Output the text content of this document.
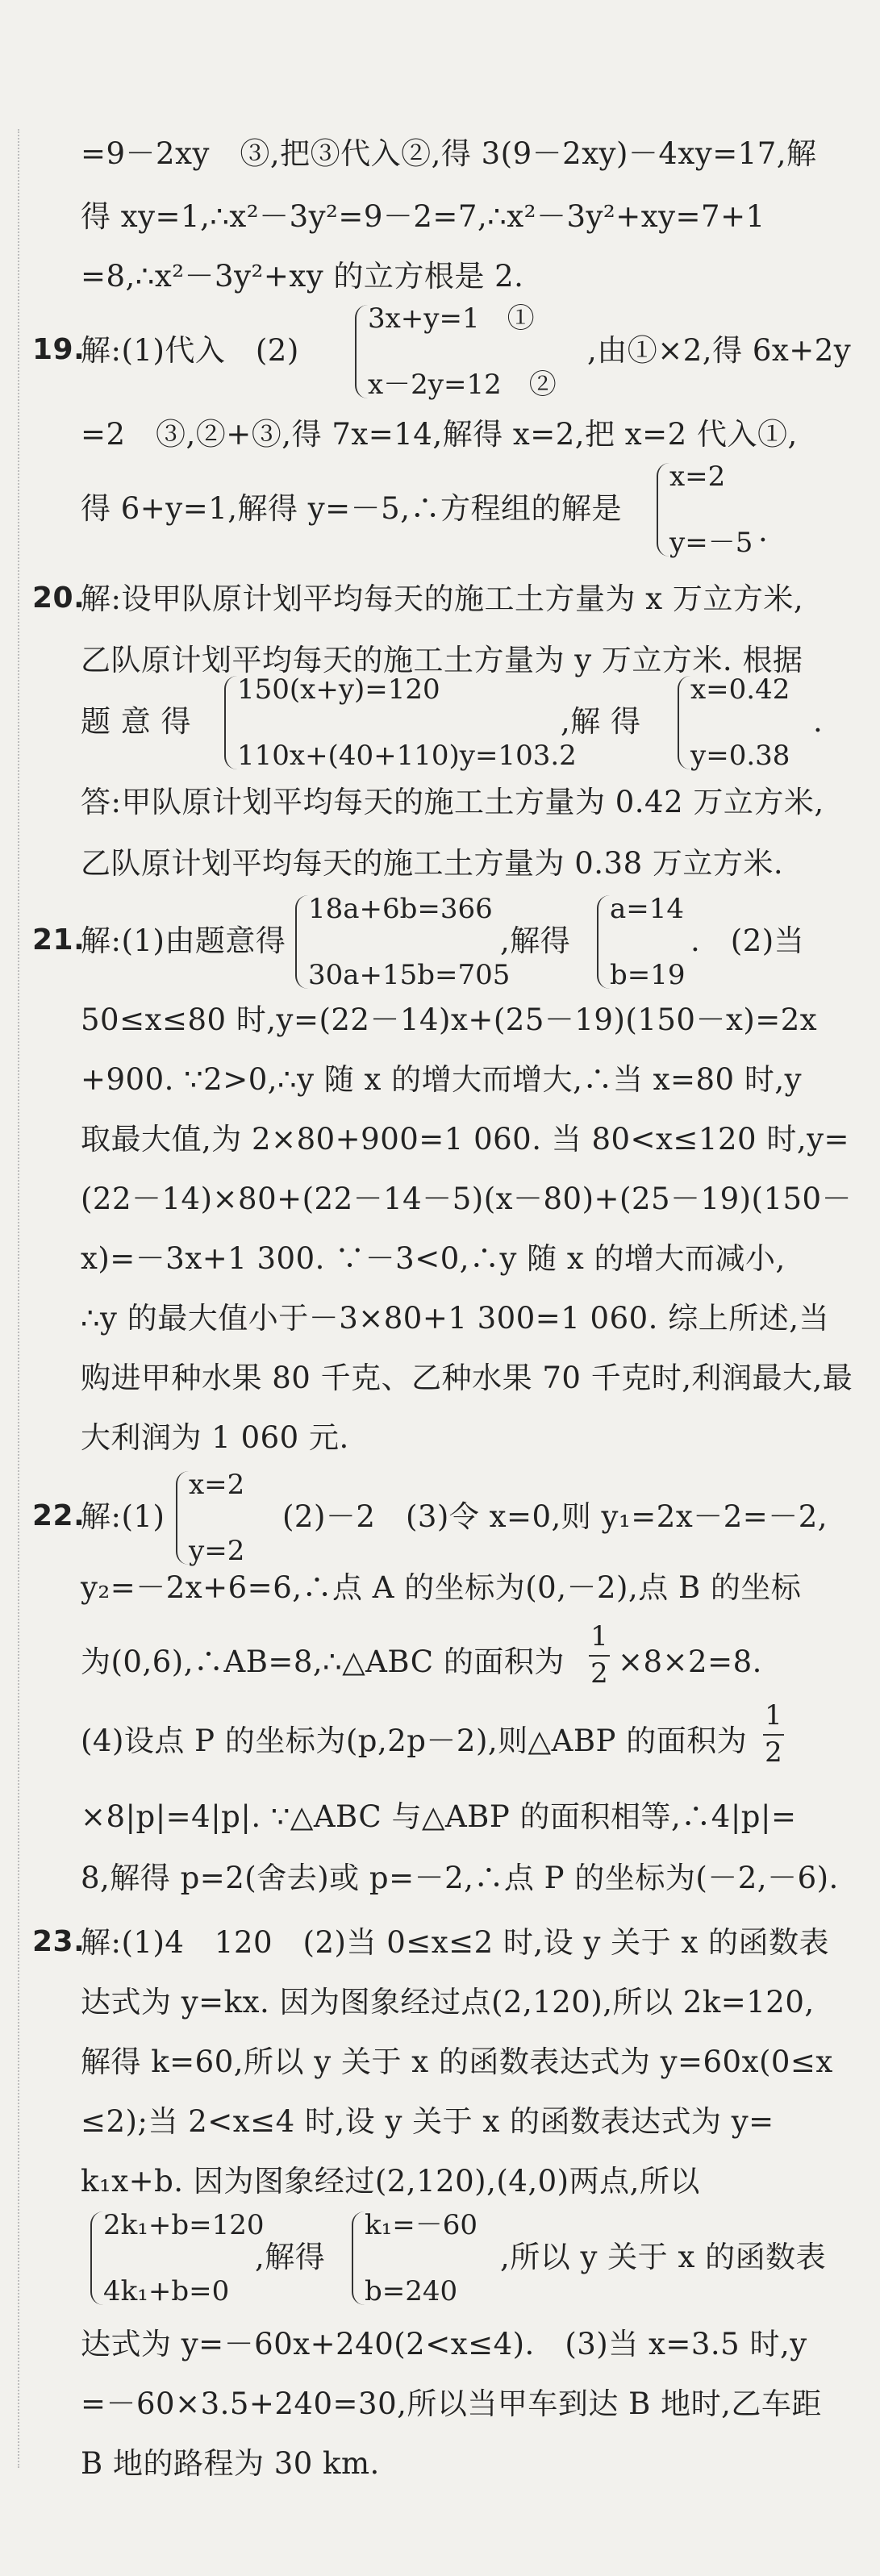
=9－2xy　③,把③代入②,得 3(9－2xy)－4xy=17,解
得 xy=1,∴x²－3y²=9－2=7,∴x²－3y²+xy=7+1
=8,∴x²－3y²+xy 的立方根是 2.
19.
解:(1)代入　(2)
3x+y=1　①
x－2y=12　②
,由①×2,得 6x+2y
=2　③,②+③,得 7x=14,解得 x=2,把 x=2 代入①,
得 6+y=1,解得 y=－5,∴方程组的解是
x=2
y=－5 .
20.
解:设甲队原计划平均每天的施工土方量为 x 万立方米,
乙队原计划平均每天的施工土方量为 y 万立方米. 根据
题 意 得
150(x+y)=120
110x+(40+110)y=103.2
,解 得
x=0.42
y=0.38
.
答:甲队原计划平均每天的施工土方量为 0.42 万立方米,
乙队原计划平均每天的施工土方量为 0.38 万立方米.
21.
解:(1)由题意得
18a+6b=366
30a+15b=705
,解得
a=14
b=19
.　(2)当
50≤x≤80 时,y=(22－14)x+(25－19)(150－x)=2x
+900. ∵2>0,∴y 随 x 的增大而增大,∴当 x=80 时,y
取最大值,为 2×80+900=1 060. 当 80<x≤120 时,y=
(22－14)×80+(22－14－5)(x－80)+(25－19)(150－
x)=－3x+1 300. ∵－3<0,∴y 随 x 的增大而减小,
∴y 的最大值小于－3×80+1 300=1 060. 综上所述,当
购进甲种水果 80 千克、乙种水果 70 千克时,利润最大,最
大利润为 1 060 元.
22.
解:(1)
x=2
y=2
(2)－2　(3)令 x=0,则 y₁=2x－2=－2,
y₂=－2x+6=6,∴点 A 的坐标为(0,－2),点 B 的坐标
为(0,6),∴AB=8,∴△ABC 的面积为
1
2 ×8×2=8.
(4)设点 P 的坐标为(p,2p－2),则△ABP 的面积为
1
2
×8|p|=4|p|. ∵△ABC 与△ABP 的面积相等,∴4|p|=
8,解得 p=2(舍去)或 p=－2,∴点 P 的坐标为(－2,－6).
23.
解:(1)4　120　(2)当 0≤x≤2 时,设 y 关于 x 的函数表
达式为 y=kx. 因为图象经过点(2,120),所以 2k=120,
解得 k=60,所以 y 关于 x 的函数表达式为 y=60x(0≤x
≤2);当 2<x≤4 时,设 y 关于 x 的函数表达式为 y=
k₁x+b. 因为图象经过(2,120),(4,0)两点,所以
2k₁+b=120
4k₁+b=0
,解得
k₁=－60
b=240
,所以 y 关于 x 的函数表
达式为 y=－60x+240(2<x≤4).　(3)当 x=3.5 时,y
=－60×3.5+240=30,所以当甲车到达 B 地时,乙车距
B 地的路程为 30 km.
